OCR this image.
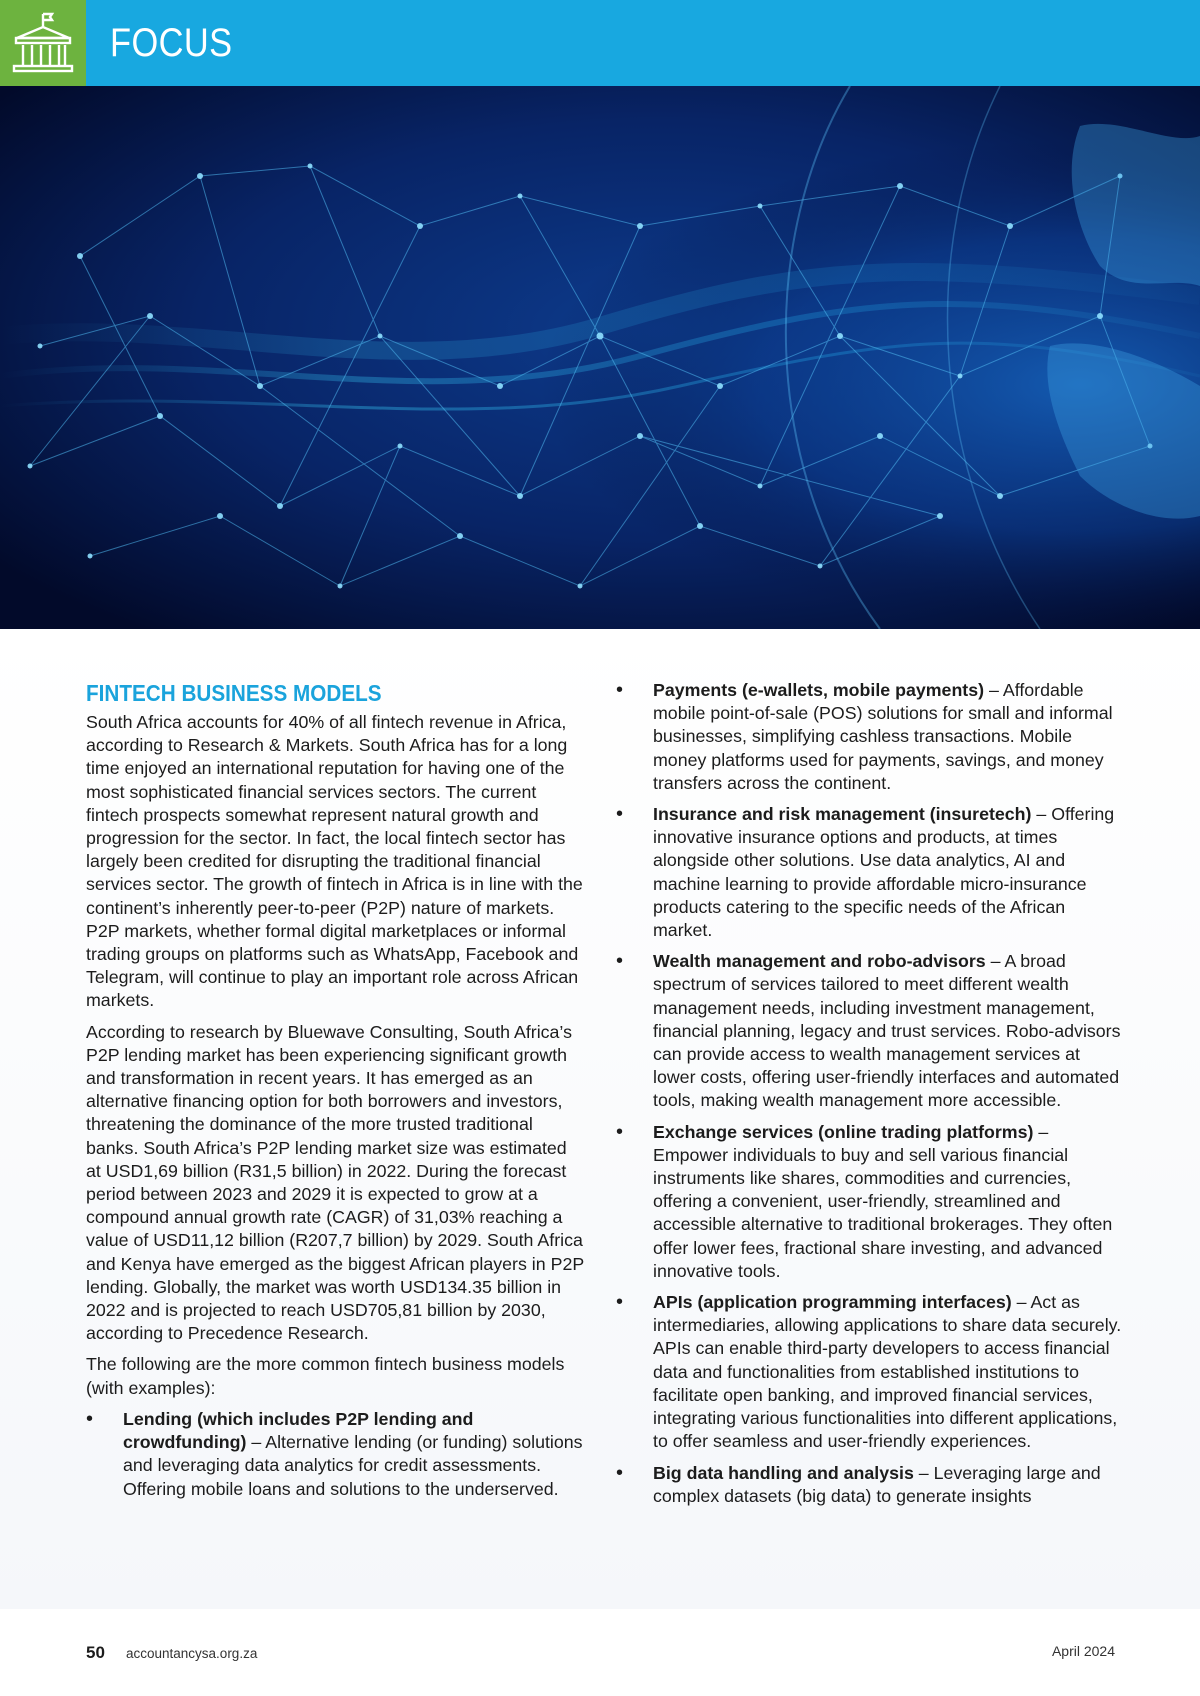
FOCUS
FINTECH BUSINESS MODELS

South Africa accounts for 40% of all fintech revenue in Africa, according to Research & Markets. South Africa has for a long time enjoyed an international reputation for having one of the most sophisticated financial services sectors. The current fintech prospects somewhat represent natural growth and progression for the sector. In fact, the local fintech sector has largely been credited for disrupting the traditional financial services sector. The growth of fintech in Africa is in line with the continent’s inherently peer-to-peer (P2P) nature of markets. P2P markets, whether formal digital marketplaces or informal trading groups on platforms such as WhatsApp, Facebook and Telegram, will continue to play an important role across African markets.

According to research by Bluewave Consulting, South Africa’s P2P lending market has been experiencing significant growth and transformation in recent years. It has emerged as an alternative financing option for both borrowers and investors, threatening the dominance of the more trusted traditional banks. South Africa’s P2P lending market size was estimated at USD1,69 billion (R31,5 billion) in 2022. During the forecast period between 2023 and 2029 it is expected to grow at a compound annual growth rate (CAGR) of 31,03% reaching a value of USD11,12 billion (R207,7 billion) by 2029. South Africa and Kenya have emerged as the biggest African players in P2P lending. Globally, the market was worth USD134.35 billion in 2022 and is projected to reach USD705,81 billion by 2030, according to Precedence Research.

The following are the more common fintech business models (with examples):

• Lending (which includes P2P lending and crowdfunding) – Alternative lending (or funding) solutions and leveraging data analytics for credit assessments. Offering mobile loans and solutions to the underserved.
• Payments (e-wallets, mobile payments) – Affordable mobile point-of-sale (POS) solutions for small and informal businesses, simplifying cashless transactions. Mobile money platforms used for payments, savings, and money transfers across the continent.
• Insurance and risk management (insuretech) – Offering innovative insurance options and products, at times alongside other solutions. Use data analytics, AI and machine learning to provide affordable micro-insurance products catering to the specific needs of the African market.
• Wealth management and robo-advisors – A broad spectrum of services tailored to meet different wealth management needs, including investment management, financial planning, legacy and trust services. Robo-advisors can provide access to wealth management services at lower costs, offering user-friendly interfaces and automated tools, making wealth management more accessible.
• Exchange services (online trading platforms) – Empower individuals to buy and sell various financial instruments like shares, commodities and currencies, offering a convenient, user-friendly, streamlined and accessible alternative to traditional brokerages. They often offer lower fees, fractional share investing, and advanced innovative tools.
• APIs (application programming interfaces) – Act as intermediaries, allowing applications to share data securely. APIs can enable third-party developers to access financial data and functionalities from established institutions to facilitate open banking, and improved financial services, integrating various functionalities into different applications, to offer seamless and user-friendly experiences.
• Big data handling and analysis – Leveraging large and complex datasets (big data) to generate insights
50 accountancysa.org.za	April 2024
